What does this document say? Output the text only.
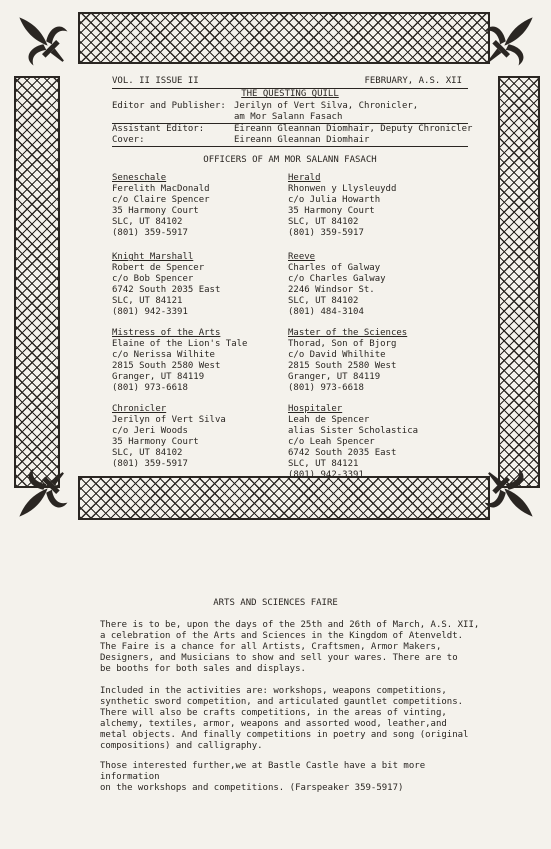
VOL. II ISSUE II	FEBRUARY, A.S. XII
THE QUESTING QUILL
Editor and Publisher: Jerilyn of Vert Silva, Chronicler,
am Mor Salann Fasach
Assistant Editor:	Eireann Gleannan Diomhair, Deputy Chronicler
Cover:	Eireann Gleannan Diomhair
OFFICERS OF AM MOR SALANN FASACH
Seneschale
Ferelith MacDonald
c/o Claire Spencer
35 Harmony Court
SLC, UT 84102
(801) 359-5917
Knight Marshall
Robert de Spencer
c/o Bob Spencer
6742 South 2035 East
SLC, UT 84121
(801) 942-3391
Mistress of the Arts
Elaine of the Lion's Tale
c/o Nerissa Wilhite
2815 South 2580 West
Granger, UT 84119
(801) 973-6618
Chronicler
Jerilyn of Vert Silva
c/o Jeri Woods
35 Harmony Court
SLC, UT 84102
(801) 359-5917
Herald
Rhonwen y Llysleuydd
c/o Julia Howarth
35 Harmony Court
SLC, UT 84102
(801) 359-5917
Reeve
Charles of Galway
c/o Charles Galway
2246 Windsor St.
SLC, UT 84102
(801) 484-3104
Master of the Sciences
Thorad, Son of Bjorg
c/o David Whilhite
2815 South 2580 West
Granger, UT 84119
(801) 973-6618
Hospitaler
Leah de Spencer
alias Sister Scholastica
c/o Leah Spencer
6742 South 2035 East
SLC, UT 84121
(801) 942-3391
ARTS AND SCIENCES FAIRE
There is to be, upon the days of the 25th and 26th of March, A.S. XII,
a celebration of the Arts and Sciences in the Kingdom of Atenveldt.
The Faire is a chance for all Artists, Craftsmen, Armor Makers,
Designers, and Musicians to show and sell your wares. There are to
be booths for both sales and displays.
Included in the activities are: workshops, weapons competitions,
synthetic sword competition, and articulated gauntlet competitions.
There will also be crafts competitions, in the areas of vinting,
alchemy, textiles, armor, weapons and assorted wood, leather,and
metal objects. And finally competitions in poetry and song (original
compositions) and calligraphy.
Those interested further,we at Bastle Castle have a bit more information
on the workshops and competitions. (Farspeaker 359-5917)
